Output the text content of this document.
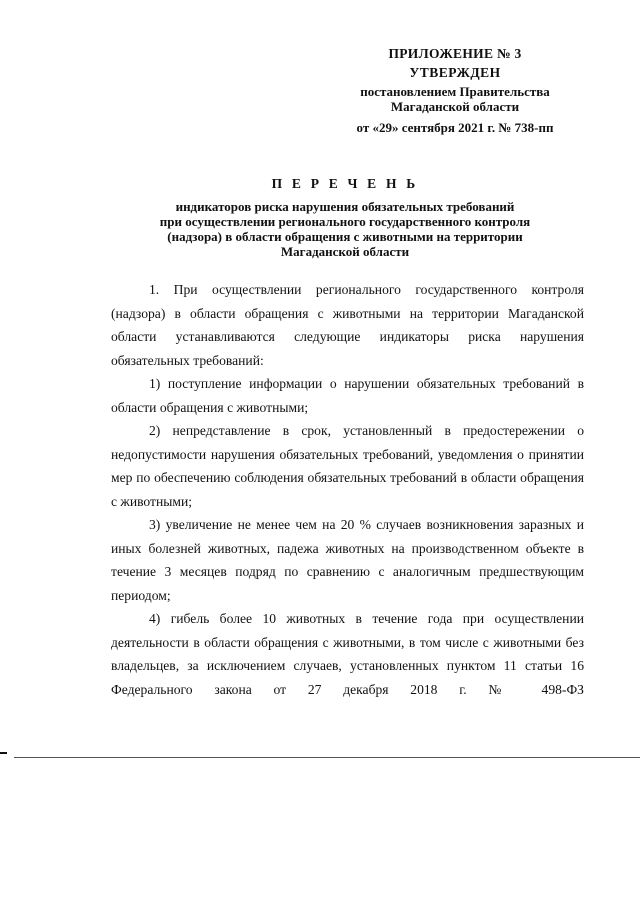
ПРИЛОЖЕНИЕ № 3
УТВЕРЖДЕН
постановлением Правительства
Магаданской области
от «29» сентября 2021 г. № 738-пп
П Е Р Е Ч Е Н Ь
индикаторов риска нарушения обязательных требований
при осуществлении регионального государственного контроля
(надзора) в области обращения с животными на территории
Магаданской области

1. При осуществлении регионального государственного контроля (надзора) в области обращения с животными на территории Магаданской области устанавливаются следующие индикаторы риска нарушения обязательных требований:

1) поступление информации о нарушении обязательных требований в области обращения с животными;

2) непредставление в срок, установленный в предостережении о недопустимости нарушения обязательных требований, уведомления о принятии мер по обеспечению соблюдения обязательных требований в области обращения с животными;

3) увеличение не менее чем на 20 % случаев возникновения заразных и иных болезней животных, падежа животных на производственном объекте в течение 3 месяцев подряд по сравнению с аналогичным предшествующим периодом;

4) гибель более 10 животных в течение года при осуществлении деятельности в области обращения с животными, в том числе с животными без владельцев, за исключением случаев, установленных пунктом 11 статьи 16 Федерального закона от 27 декабря 2018 г. № 498-ФЗ
